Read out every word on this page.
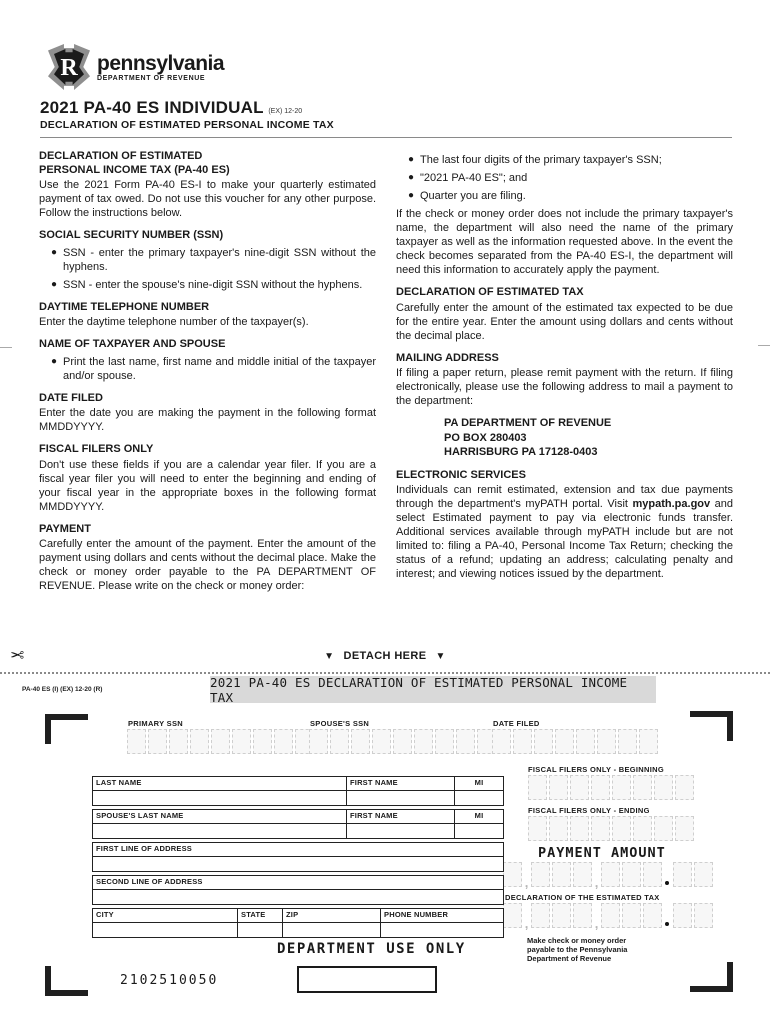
R pennsylvania
DEPARTMENT OF REVENUE
2021 PA-40 ES INDIVIDUAL (EX) 12-20
DECLARATION OF ESTIMATED PERSONAL INCOME TAX
DECLARATION OF ESTIMATED
PERSONAL INCOME TAX (PA-40 ES)

Use the 2021 Form PA-40 ES-I to make your quarterly estimated payment of tax owed. Do not use this voucher for any other purpose. Follow the instructions below.

SOCIAL SECURITY NUMBER (SSN)
● SSN - enter the primary taxpayer's nine-digit SSN without the hyphens.
● SSN - enter the spouse's nine-digit SSN without the hyphens.
DAYTIME TELEPHONE NUMBER

Enter the daytime telephone number of the taxpayer(s).

NAME OF TAXPAYER AND SPOUSE
● Print the last name, first name and middle initial of the taxpayer and/or spouse.
DATE FILED

Enter the date you are making the payment in the following format MMDDYYYY.

FISCAL FILERS ONLY

Don't use these fields if you are a calendar year filer. If you are a fiscal year filer you will need to enter the beginning and ending of your fiscal year in the appropriate boxes in the following format MMDDYYYY.

PAYMENT

Carefully enter the amount of the payment. Enter the amount of the payment using dollars and cents without the decimal place. Make the check or money order payable to the PA DEPARTMENT OF REVENUE. Please write on the check or money order:

● The last four digits of the primary taxpayer's SSN;
● "2021 PA-40 ES"; and
● Quarter you are filing.

If the check or money order does not include the primary taxpayer's name, the department will also need the name of the primary taxpayer as well as the information requested above. In the event the check becomes separated from the PA-40 ES-I, the department will need this information to accurately apply the payment.

DECLARATION OF ESTIMATED TAX

Carefully enter the amount of the estimated tax expected to be due for the entire year. Enter the amount using dollars and cents without the decimal place.

MAILING ADDRESS

If filing a paper return, please remit payment with the return. If filing electronically, please use the following address to mail a payment to the department:

PA DEPARTMENT OF REVENUE
PO BOX 280403
HARRISBURG PA 17128-0403
ELECTRONIC SERVICES

Individuals can remit estimated, extension and tax due payments through the department's myPATH portal. Visit mypath.pa.gov and select Estimated payment to pay via electronic funds transfer. Additional services available through myPATH include but are not limited to: filing a PA-40, Personal Income Tax Return; checking the status of a refund; updating an address; calculating penalty and interest; and viewing notices issued by the department.

✂	▼ DETACH HERE ▼
PA-40 ES (I) (EX) 12-20 (R)	2021 PA-40 ES DECLARATION OF ESTIMATED PERSONAL INCOME TAX
PRIMARY SSN	SPOUSE'S SSN	DATE FILED
FISCAL FILERS ONLY - BEGINNING
FISCAL FILERS ONLY - ENDING
PAYMENT AMOUNT
,	,
DECLARATION OF THE ESTIMATED TAX
,	,
Make check or money order
payable to the Pennsylvania
Department of Revenue
LAST NAME	FIRST NAME	MI
SPOUSE'S LAST NAME	FIRST NAME	MI
FIRST LINE OF ADDRESS
SECOND LINE OF ADDRESS
CITY	STATE	ZIP	PHONE NUMBER
DEPARTMENT USE ONLY
2102510050
